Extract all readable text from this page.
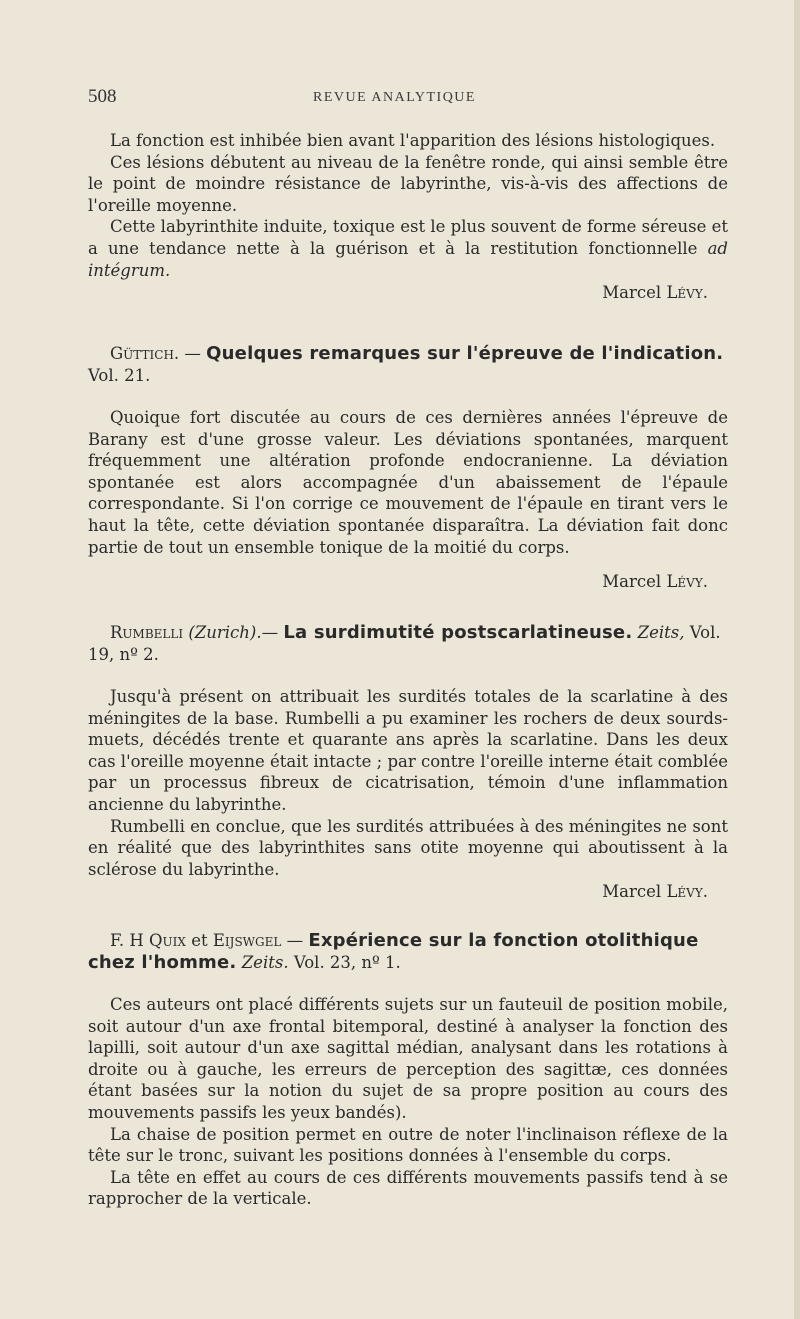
508	REVUE ANALYTIQUE

La fonction est inhibée bien avant l'apparition des lésions histologiques.

Ces lésions débutent au niveau de la fenêtre ronde, qui ainsi semble être le point de moindre résistance de labyrinthe, vis-à-vis des affections de l'oreille moyenne.

Cette labyrinthite induite, toxique est le plus souvent de forme séreuse et a une tendance nette à la guérison et à la restitution fonctionnelle ad intégrum.

Marcel Lévy.

Güttich. — Quelques remarques sur l'épreuve de l'indication. Vol. 21.

Quoique fort discutée au cours de ces dernières années l'épreuve de Barany est d'une grosse valeur. Les déviations spontanées, marquent fréquemment une altération profonde endocranienne. La déviation spontanée est alors accompagnée d'un abaissement de l'épaule correspondante. Si l'on corrige ce mouvement de l'épaule en tirant vers le haut la tête, cette déviation spontanée disparaîtra. La déviation fait donc partie de tout un ensemble tonique de la moitié du corps.

Marcel Lévy.

Rumbelli (Zurich).— La surdimutité postscarlatineuse. Zeits, Vol. 19, nº 2.

Jusqu'à présent on attribuait les surdités totales de la scarlatine à des méningites de la base. Rumbelli a pu examiner les rochers de deux sourds-muets, décédés trente et quarante ans après la scarlatine. Dans les deux cas l'oreille moyenne était intacte ; par contre l'oreille interne était comblée par un processus fibreux de cicatrisation, témoin d'une inflammation ancienne du labyrinthe.

Rumbelli en conclue, que les surdités attribuées à des méningites ne sont en réalité que des labyrinthites sans otite moyenne qui aboutissent à la sclérose du labyrinthe.

Marcel Lévy.

F. H Quix et Eijswgel — Expérience sur la fonction otolithique chez l'homme. Zeits. Vol. 23, nº 1.

Ces auteurs ont placé différents sujets sur un fauteuil de position mobile, soit autour d'un axe frontal bitemporal, destiné à analyser la fonction des lapilli, soit autour d'un axe sagittal médian, analysant dans les rotations à droite ou à gauche, les erreurs de perception des sagittæ, ces données étant basées sur la notion du sujet de sa propre position au cours des mouvements passifs les yeux bandés).

La chaise de position permet en outre de noter l'inclinaison réflexe de la tête sur le tronc, suivant les positions données à l'ensemble du corps.

La tête en effet au cours de ces différents mouvements passifs tend à se rapprocher de la verticale.
